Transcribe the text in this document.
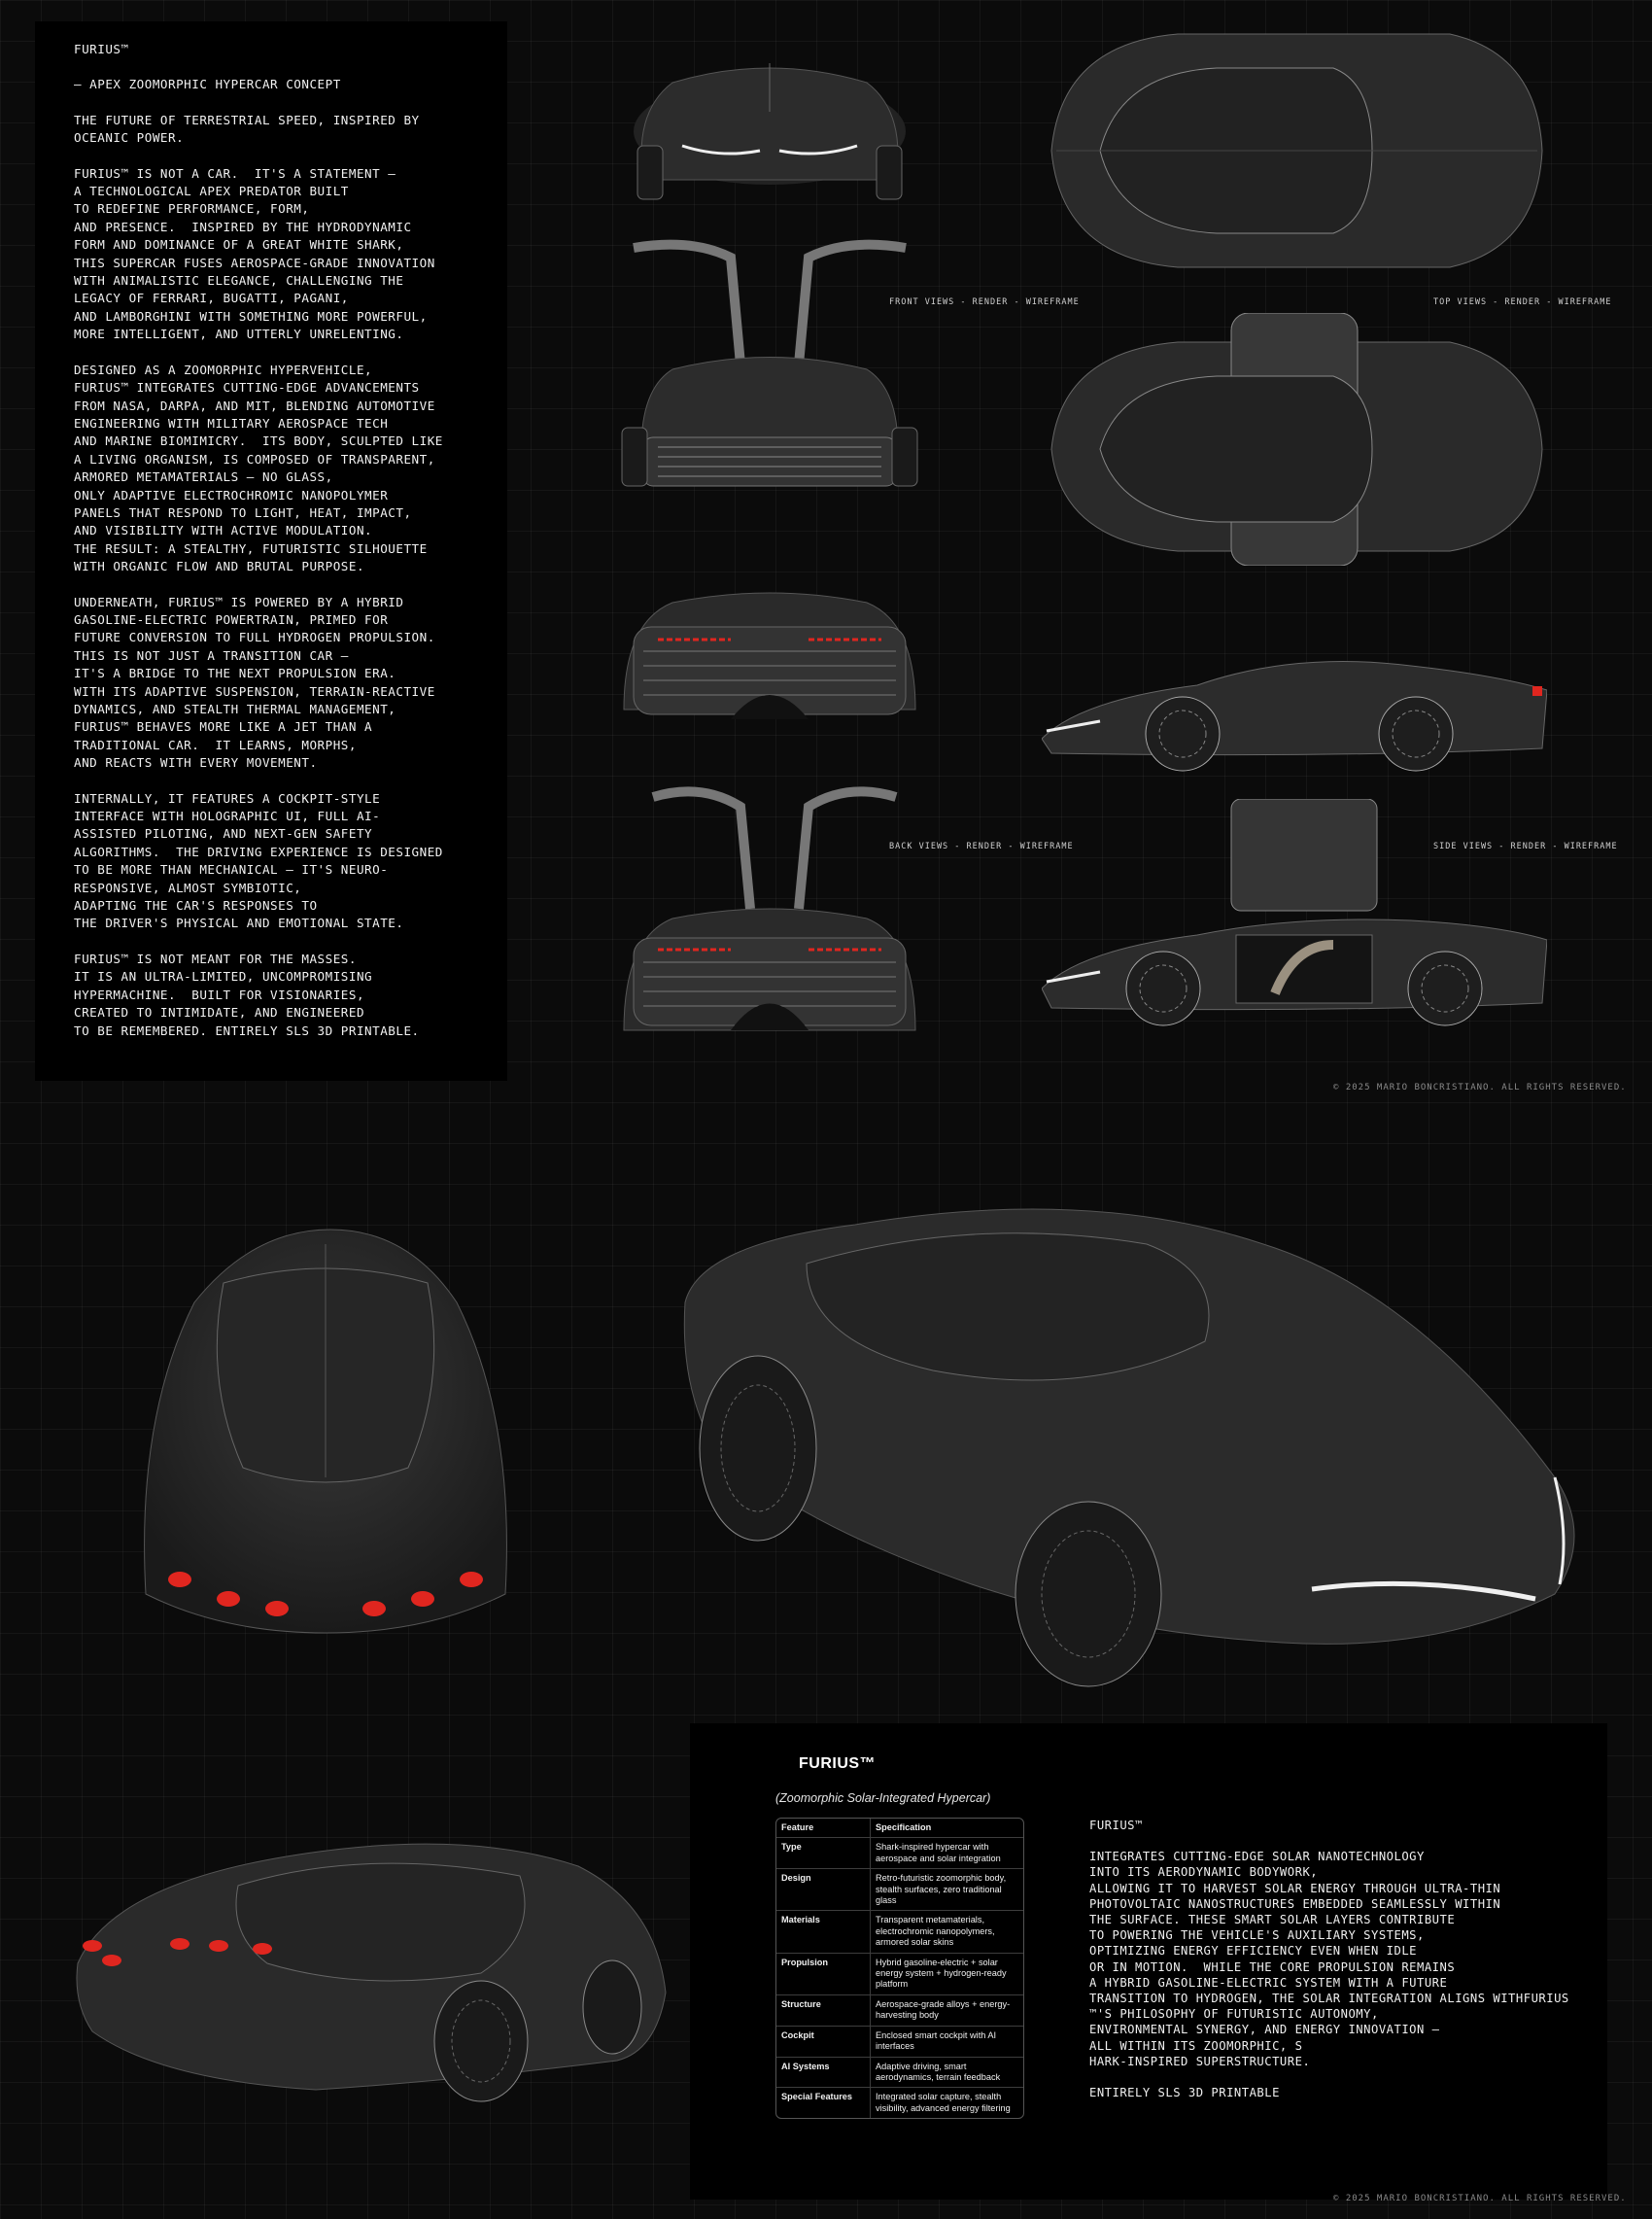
FURIUS™
– APEX ZOOMORPHIC HYPERCAR CONCEPT
THE FUTURE OF TERRESTRIAL SPEED, INSPIRED BY
OCEANIC POWER.
FURIUS™ IS NOT A CAR.  IT'S A STATEMENT –
A TECHNOLOGICAL APEX PREDATOR BUILT
TO REDEFINE PERFORMANCE, FORM,
AND PRESENCE.  INSPIRED BY THE HYDRODYNAMIC
FORM AND DOMINANCE OF A GREAT WHITE SHARK,
THIS SUPERCAR FUSES AEROSPACE-GRADE INNOVATION
WITH ANIMALISTIC ELEGANCE, CHALLENGING THE
LEGACY OF FERRARI, BUGATTI, PAGANI,
AND LAMBORGHINI WITH SOMETHING MORE POWERFUL,
MORE INTELLIGENT, AND UTTERLY UNRELENTING.
DESIGNED AS A ZOOMORPHIC HYPERVEHICLE,
FURIUS™ INTEGRATES CUTTING-EDGE ADVANCEMENTS
FROM NASA, DARPA, AND MIT, BLENDING AUTOMOTIVE
ENGINEERING WITH MILITARY AEROSPACE TECH
AND MARINE BIOMIMICRY.  ITS BODY, SCULPTED LIKE
A LIVING ORGANISM, IS COMPOSED OF TRANSPARENT,
ARMORED METAMATERIALS – NO GLASS,
ONLY ADAPTIVE ELECTROCHROMIC NANOPOLYMER
PANELS THAT RESPOND TO LIGHT, HEAT, IMPACT,
AND VISIBILITY WITH ACTIVE MODULATION.
THE RESULT: A STEALTHY, FUTURISTIC SILHOUETTE
WITH ORGANIC FLOW AND BRUTAL PURPOSE.
UNDERNEATH, FURIUS™ IS POWERED BY A HYBRID
GASOLINE-ELECTRIC POWERTRAIN, PRIMED FOR
FUTURE CONVERSION TO FULL HYDROGEN PROPULSION.
THIS IS NOT JUST A TRANSITION CAR –
IT'S A BRIDGE TO THE NEXT PROPULSION ERA.
WITH ITS ADAPTIVE SUSPENSION, TERRAIN-REACTIVE
DYNAMICS, AND STEALTH THERMAL MANAGEMENT,
FURIUS™ BEHAVES MORE LIKE A JET THAN A
TRADITIONAL CAR.  IT LEARNS, MORPHS,
AND REACTS WITH EVERY MOVEMENT.
INTERNALLY, IT FEATURES A COCKPIT-STYLE
INTERFACE WITH HOLOGRAPHIC UI, FULL AI-
ASSISTED PILOTING, AND NEXT-GEN SAFETY
ALGORITHMS.  THE DRIVING EXPERIENCE IS DESIGNED
TO BE MORE THAN MECHANICAL – IT'S NEURO-
RESPONSIVE, ALMOST SYMBIOTIC,
ADAPTING THE CAR'S RESPONSES TO
THE DRIVER'S PHYSICAL AND EMOTIONAL STATE.
FURIUS™ IS NOT MEANT FOR THE MASSES.
IT IS AN ULTRA-LIMITED, UNCOMPROMISING
HYPERMACHINE.  BUILT FOR VISIONARIES,
CREATED TO INTIMIDATE, AND ENGINEERED
TO BE REMEMBERED. ENTIRELY SLS 3D PRINTABLE.
FRONT VIEWS - RENDER - WIREFRAME
BACK VIEWS - RENDER - WIREFRAME
TOP VIEWS - RENDER - WIREFRAME
SIDE VIEWS - RENDER - WIREFRAME
© 2025 MARIO BONCRISTIANO. ALL RIGHTS RESERVED.
FURIUS™
(Zoomorphic Solar-Integrated Hypercar)
Feature	Specification
Type	Shark-inspired hypercar with aerospace and solar integration
Design	Retro-futuristic zoomorphic body, stealth surfaces, zero traditional glass
Materials	Transparent metamaterials, electrochromic nanopolymers, armored solar skins
Propulsion	Hybrid gasoline-electric + solar energy system + hydrogen-ready platform
Structure	Aerospace-grade alloys + energy-harvesting body
Cockpit	Enclosed smart cockpit with AI interfaces
AI Systems	Adaptive driving, smart aerodynamics, terrain feedback
Special Features	Integrated solar capture, stealth visibility, advanced energy filtering
FURIUS™
INTEGRATES CUTTING-EDGE SOLAR NANOTECHNOLOGY
INTO ITS AERODYNAMIC BODYWORK,
ALLOWING IT TO HARVEST SOLAR ENERGY THROUGH ULTRA-THIN
PHOTOVOLTAIC NANOSTRUCTURES EMBEDDED SEAMLESSLY WITHIN
THE SURFACE. THESE SMART SOLAR LAYERS CONTRIBUTE
TO POWERING THE VEHICLE'S AUXILIARY SYSTEMS,
OPTIMIZING ENERGY EFFICIENCY EVEN WHEN IDLE
OR IN MOTION.  WHILE THE CORE PROPULSION REMAINS
A HYBRID GASOLINE-ELECTRIC SYSTEM WITH A FUTURE
TRANSITION TO HYDROGEN, THE SOLAR INTEGRATION ALIGNS WITHFURIUS
™'S PHILOSOPHY OF FUTURISTIC AUTONOMY,
ENVIRONMENTAL SYNERGY, AND ENERGY INNOVATION –
ALL WITHIN ITS ZOOMORPHIC, S
HARK-INSPIRED SUPERSTRUCTURE.
ENTIRELY SLS 3D PRINTABLE
© 2025 MARIO BONCRISTIANO. ALL RIGHTS RESERVED.
